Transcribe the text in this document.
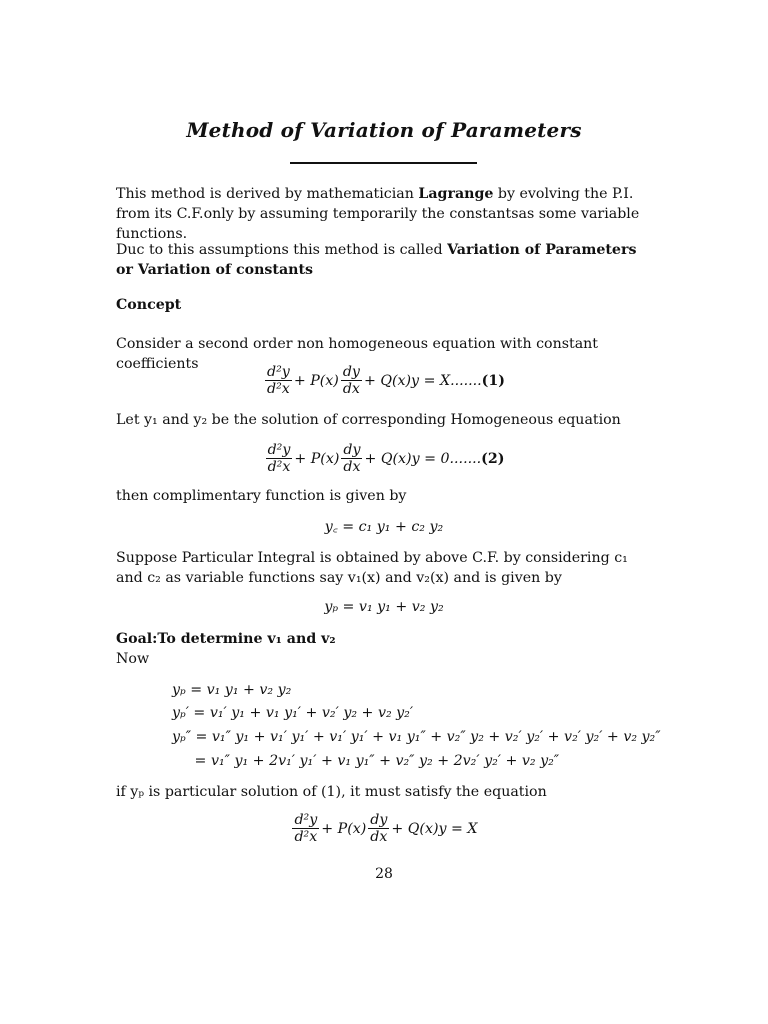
Method of Variation of Parameters
This method is derived by mathematician Lagrange by evolving the P.I. from its C.F.only by assuming temporarily the constantsas some variable functions.
Duc to this assumptions this method is called Variation of Parameters or Variation of constants
Concept
Consider a second order non homogeneous equation with constant coefficients	$\frac{\text{d²y}}{\text{d²x}} + P(x) \frac{dy}{dx} + Q(x)y = X$....... (1)
Let y₁ and y₂ be the solution of corresponding Homogeneous equation
$\frac{\text{d²y}}{\text{d²x}} + P(x) \frac{dy}{dx} + Q(x)y = 0$....... (2)
then complimentary function is given by
y꜀ = c₁ y₁ + c₂ y₂
Suppose Particular Integral is obtained by above C.F. by considering c₁ and c₂ as variable functions say v₁(x) and v₂(x) and is given by
yₚ = v₁ y₁ + v₂ y₂
Goal:To determine v₁ and v₂
Now
yₚ = v₁ y₁ + v₂ y₂
yₚ′ = v₁′ y₁ + v₁ y₁′ + v₂′ y₂ + v₂ y₂′
yₚ″ = v₁″ y₁ + v₁′ y₁′ + v₁′ y₁′ + v₁ y₁″ + v₂″ y₂ + v₂′ y₂′ + v₂′ y₂′ + v₂ y₂″
= v₁″ y₁ + 2v₁′ y₁′ + v₁ y₁″ + v₂″ y₂ + 2v₂′ y₂′ + v₂ y₂″
if yₚ is particular solution of (1), it must satisfy the equation
$\frac{\text{d²y}}{\text{d²x}} + P(x) \frac{dy}{dx} + Q(x)y = X$
28
